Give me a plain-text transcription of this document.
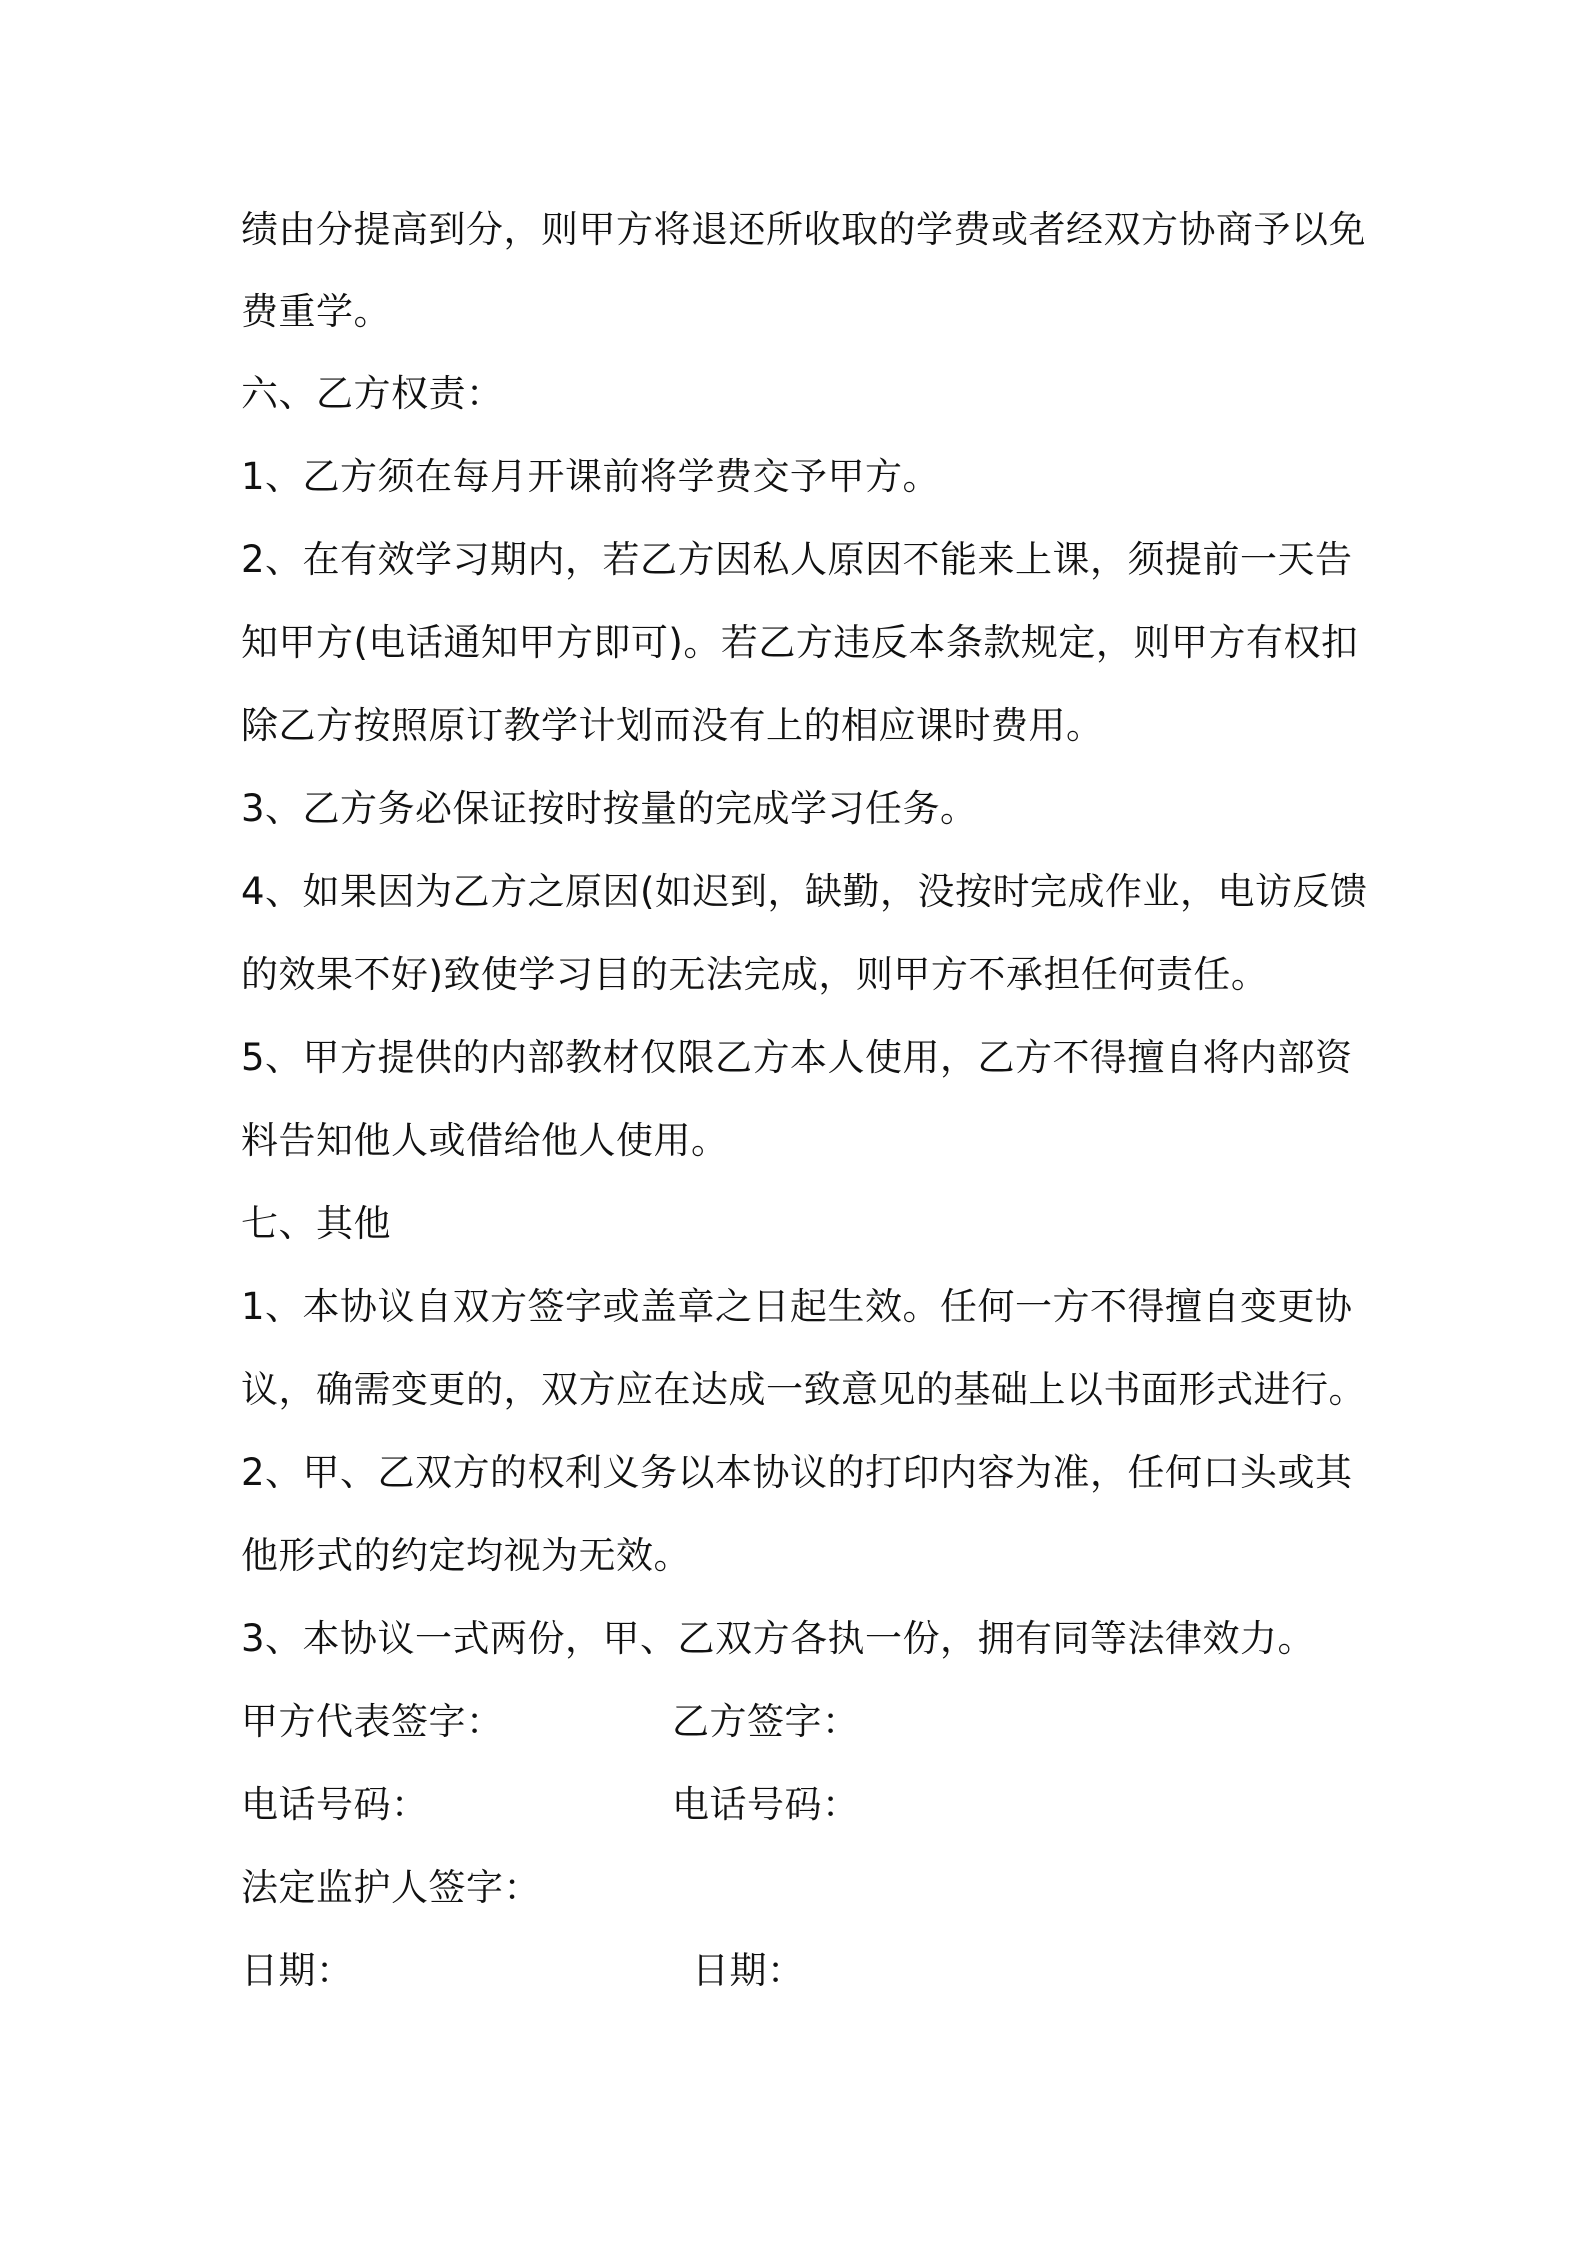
绩由分提高到分，则甲方将退还所收取的学费或者经双方协商予以免
费重学。
六、乙方权责：
1、乙方须在每月开课前将学费交予甲方。
2、在有效学习期内，若乙方因私人原因不能来上课，须提前一天告
知甲方(电话通知甲方即可)。若乙方违反本条款规定，则甲方有权扣
除乙方按照原订教学计划而没有上的相应课时费用。
3、乙方务必保证按时按量的完成学习任务。
4、如果因为乙方之原因(如迟到，缺勤，没按时完成作业，电访反馈
的效果不好)致使学习目的无法完成，则甲方不承担任何责任。
5、甲方提供的内部教材仅限乙方本人使用，乙方不得擅自将内部资
料告知他人或借给他人使用。
七、其他
1、本协议自双方签字或盖章之日起生效。任何一方不得擅自变更协
议，确需变更的，双方应在达成一致意见的基础上以书面形式进行。
2、甲、乙双方的权利义务以本协议的打印内容为准，任何口头或其
他形式的约定均视为无效。
3、本协议一式两份，甲、乙双方各执一份，拥有同等法律效力。
甲方代表签字：	乙方签字：
电话号码：	电话号码：
法定监护人签字：
日期：	日期：
